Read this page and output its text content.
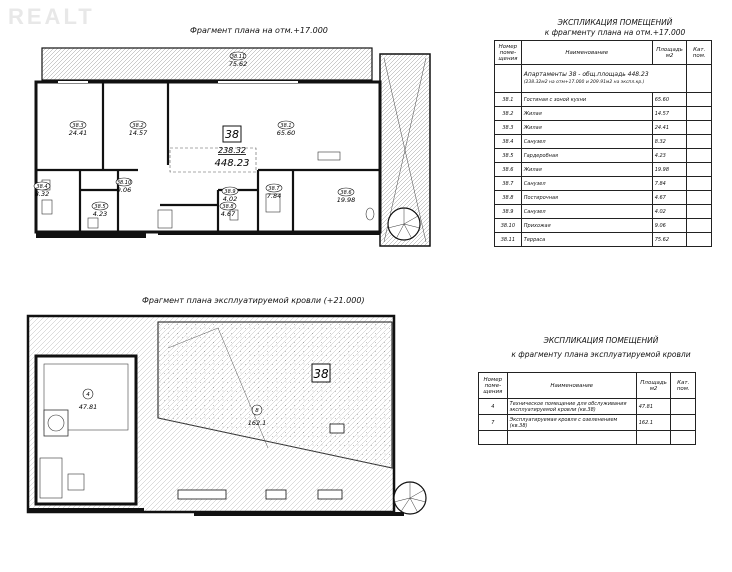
REALT
Фрагмент плана на отм.+17.000
Фрагмент плана эксплуатируемой кровли (+21.000)
38
238.32
448.23
38.1
65.60
38.2
14.57
38.3
24.41
38.4
8.32
38.5
4.23
38.6
19.98
38.7
7.84
38.8
4.67
38.9
4.02
38.10
9.06
38.11
75.62
38
4
47.81	8
162.1
ЭКСПЛИКАЦИЯ ПОМЕЩЕНИЙ
к фрагменту плана на отм.+17.000
Номер поме- щения	Наименование	Площадь м2	Кат. пом.

	Апартаменты 38 - общ.площадь 448.23
(238.32м2 на отм+17.000 и 209.91м2 на экспл.кр.)		

38.1	Гостиная с зоной кухни	65.60	
38.2	Жилая	14.57	
38.3	Жилая	24.41	
38.4	Санузел	8.32	
38.5	Гардеробная	4.23	
38.6	Жилая	19.98	
38.7	Санузел	7.84	
38.8	Постирочная	4.67	
38.9	Санузел	4.02	
38.10	Прихожая	9.06	
38.11	Терраса	75.62	
ЭКСПЛИКАЦИЯ ПОМЕЩЕНИЙ
к фрагменту плана эксплуатируемой кровли
Номер поме- щения	Наименование	Площадь м2	Кат. пом.
4	Техническое помещение для обслуживания эксплуатируемой кровли (кв.38)	47.81	
7	Эксплуатируемая кровля с озеленением (кв.38)	162.1	
